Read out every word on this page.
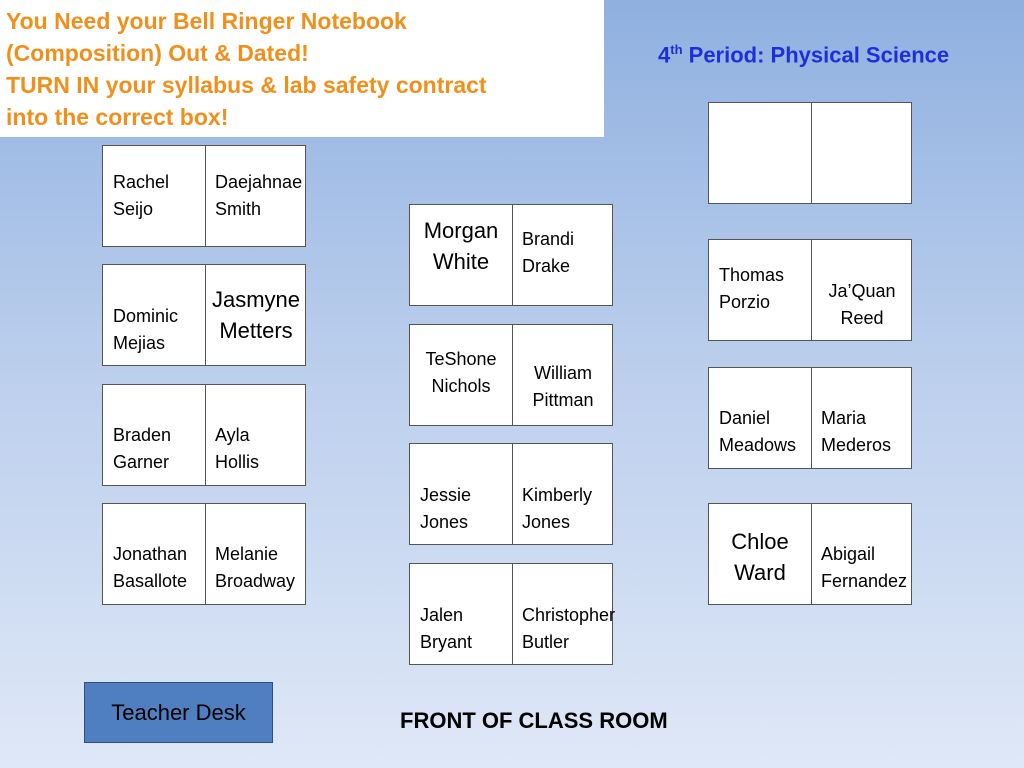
You Need your Bell Ringer Notebook
(Composition) Out & Dated!
TURN IN your syllabus & lab safety contract
into the correct box!
4th Period: Physical Science
Rachel
Seijo
Daejahnae
Smith
Dominic
Mejias
Jasmyne
Metters
Braden
Garner
Ayla
Hollis
Jonathan
Basallote
Melanie
Broadway
Morgan
White
Brandi
Drake
TeShone
Nichols
William
Pittman
Jessie
Jones
Kimberly
Jones
Jalen
Bryant
Christopher
Butler
Thomas
Porzio
Ja’Quan
Reed
Daniel
Meadows
Maria
Mederos
Chloe
Ward
Abigail
Fernandez
Teacher Desk	FRONT OF CLASS ROOM
